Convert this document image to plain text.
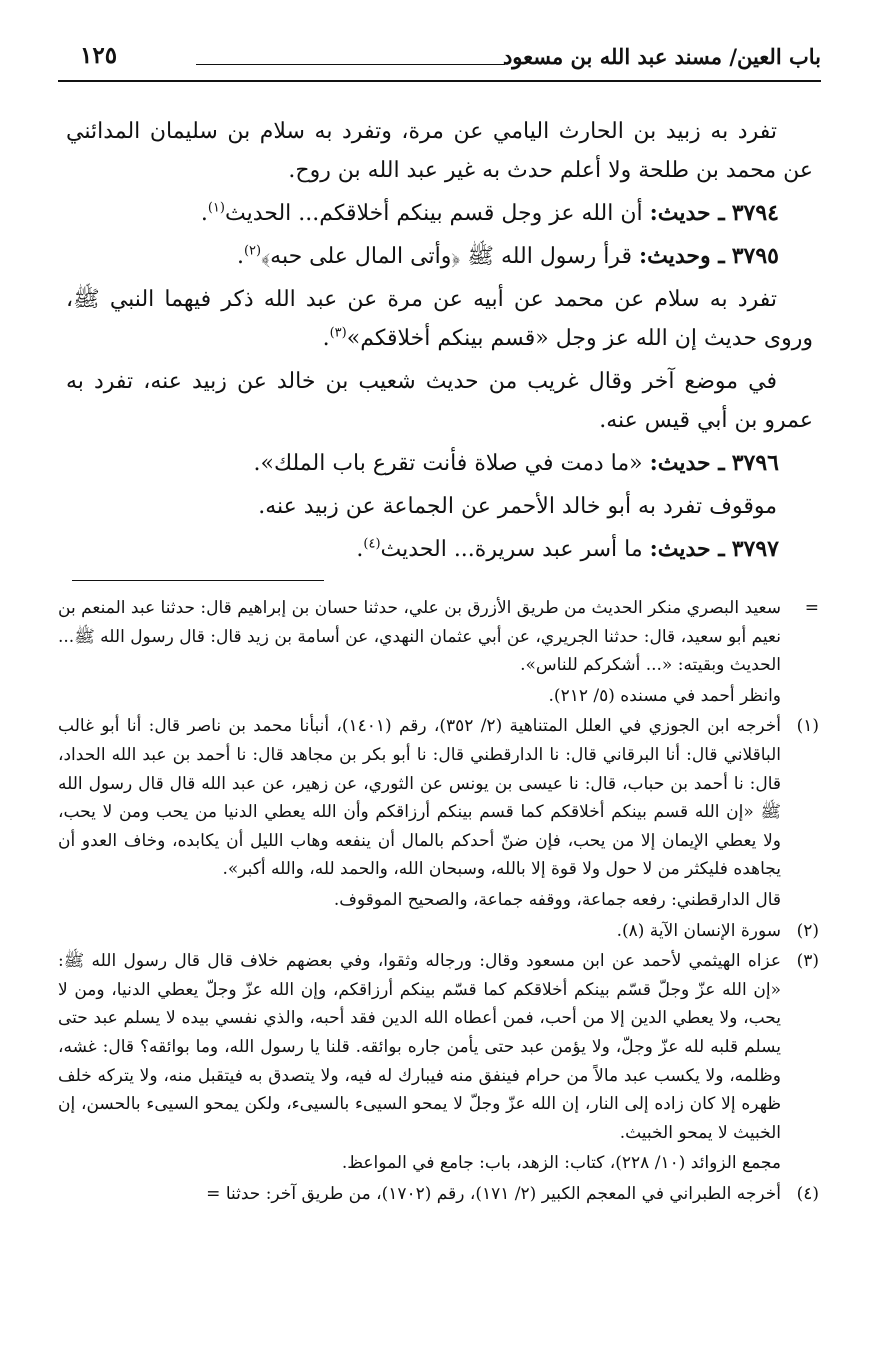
باب العين/ مسند عبد الله بن مسعود
١٢٥

تفرد به زبيد بن الحارث اليامي عن مرة، وتفرد به سلام بن سليمان المدائني عن محمد بن طلحة ولا أعلم حدث به غير عبد الله بن روح.

٣٧٩٤ ـ حديث: أن الله عز وجل قسم بينكم أخلاقكم... الحديث$^{(١)}$.

٣٧٩٥ ـ وحديث: قرأ رسول الله ﷺ ﴿وأتى المال على حبه﴾$^{(٢)}$.

تفرد به سلام عن محمد عن أبيه عن مرة عن عبد الله ذكر فيهما النبي ﷺ، وروى حديث إن الله عز وجل «قسم بينكم أخلاقكم»$^{(٣)}$.

في موضع آخر وقال غريب من حديث شعيب بن خالد عن زبيد عنه، تفرد به عمرو بن أبي قيس عنه.

٣٧٩٦ ـ حديث: «ما دمت في صلاة فأنت تقرع باب الملك».

موقوف تفرد به أبو خالد الأحمر عن الجماعة عن زبيد عنه.

٣٧٩٧ ـ حديث: ما أسر عبد سريرة... الحديث$^{(٤)}$.

=

سعيد البصري منكر الحديث من طريق الأزرق بن علي، حدثنا حسان بن إبراهيم قال: حدثنا عبد المنعم بن نعيم أبو سعيد، قال: حدثنا الجريري، عن أبي عثمان النهدي، عن أسامة بن زيد قال: قال رسول الله ﷺ... الحديث وبقيته: «... أشكركم للناس».

وانظر أحمد في مسنده (٥/ ٢١٢).

(١)

أخرجه ابن الجوزي في العلل المتناهية (٢/ ٣٥٢)، رقم (١٤٠١)، أنبأنا محمد بن ناصر قال: أنا أبو غالب الباقلاني قال: أنا البرقاني قال: نا الدارقطني قال: نا أبو بكر بن مجاهد قال: نا أحمد بن عبد الله الحداد، قال: نا أحمد بن حباب، قال: نا عيسى بن يونس عن الثوري، عن زهير، عن عبد الله قال قال رسول الله ﷺ «إن الله قسم بينكم أخلاقكم كما قسم بينكم أرزاقكم وأن الله يعطي الدنيا من يحب ومن لا يحب، ولا يعطي الإيمان إلا من يحب، فإن ضنّ أحدكم بالمال أن ينفعه وهاب الليل أن يكابده، وخاف العدو أن يجاهده فليكثر من لا حول ولا قوة إلا بالله، وسبحان الله، والحمد لله، والله أكبر».

قال الدارقطني: رفعه جماعة، ووقفه جماعة، والصحيح الموقوف.

(٢)

سورة الإنسان الآية (٨).

(٣)

عزاه الهيثمي لأحمد عن ابن مسعود وقال: ورجاله وثقوا، وفي بعضهم خلاف قال قال رسول الله ﷺ: «إن الله عزّ وجلّ قسّم بينكم أخلاقكم كما قسّم بينكم أرزاقكم، وإن الله عزّ وجلّ يعطي الدنيا، ومن لا يحب، ولا يعطي الدين إلا من أحب، فمن أعطاه الله الدين فقد أحبه، والذي نفسي بيده لا يسلم عبد حتى يسلم قلبه لله عزّ وجلّ، ولا يؤمن عبد حتى يأمن جاره بوائقه. قلنا يا رسول الله، وما بوائقه؟ قال: غشه، وظلمه، ولا يكسب عبد مالاً من حرام فينفق منه فيبارك له فيه، ولا يتصدق به فيتقبل منه، ولا يتركه خلف ظهره إلا كان زاده إلى النار، إن الله عزّ وجلّ لا يمحو السيىء بالسيىء، ولكن يمحو السيىء بالحسن، إن الخبيث لا يمحو الخبيث.

مجمع الزوائد (١٠/ ٢٢٨)، كتاب: الزهد، باب: جامع في المواعظ.

(٤)

أخرجه الطبراني في المعجم الكبير (٢/ ١٧١)، رقم (١٧٠٢)، من طريق آخر: حدثنا =
